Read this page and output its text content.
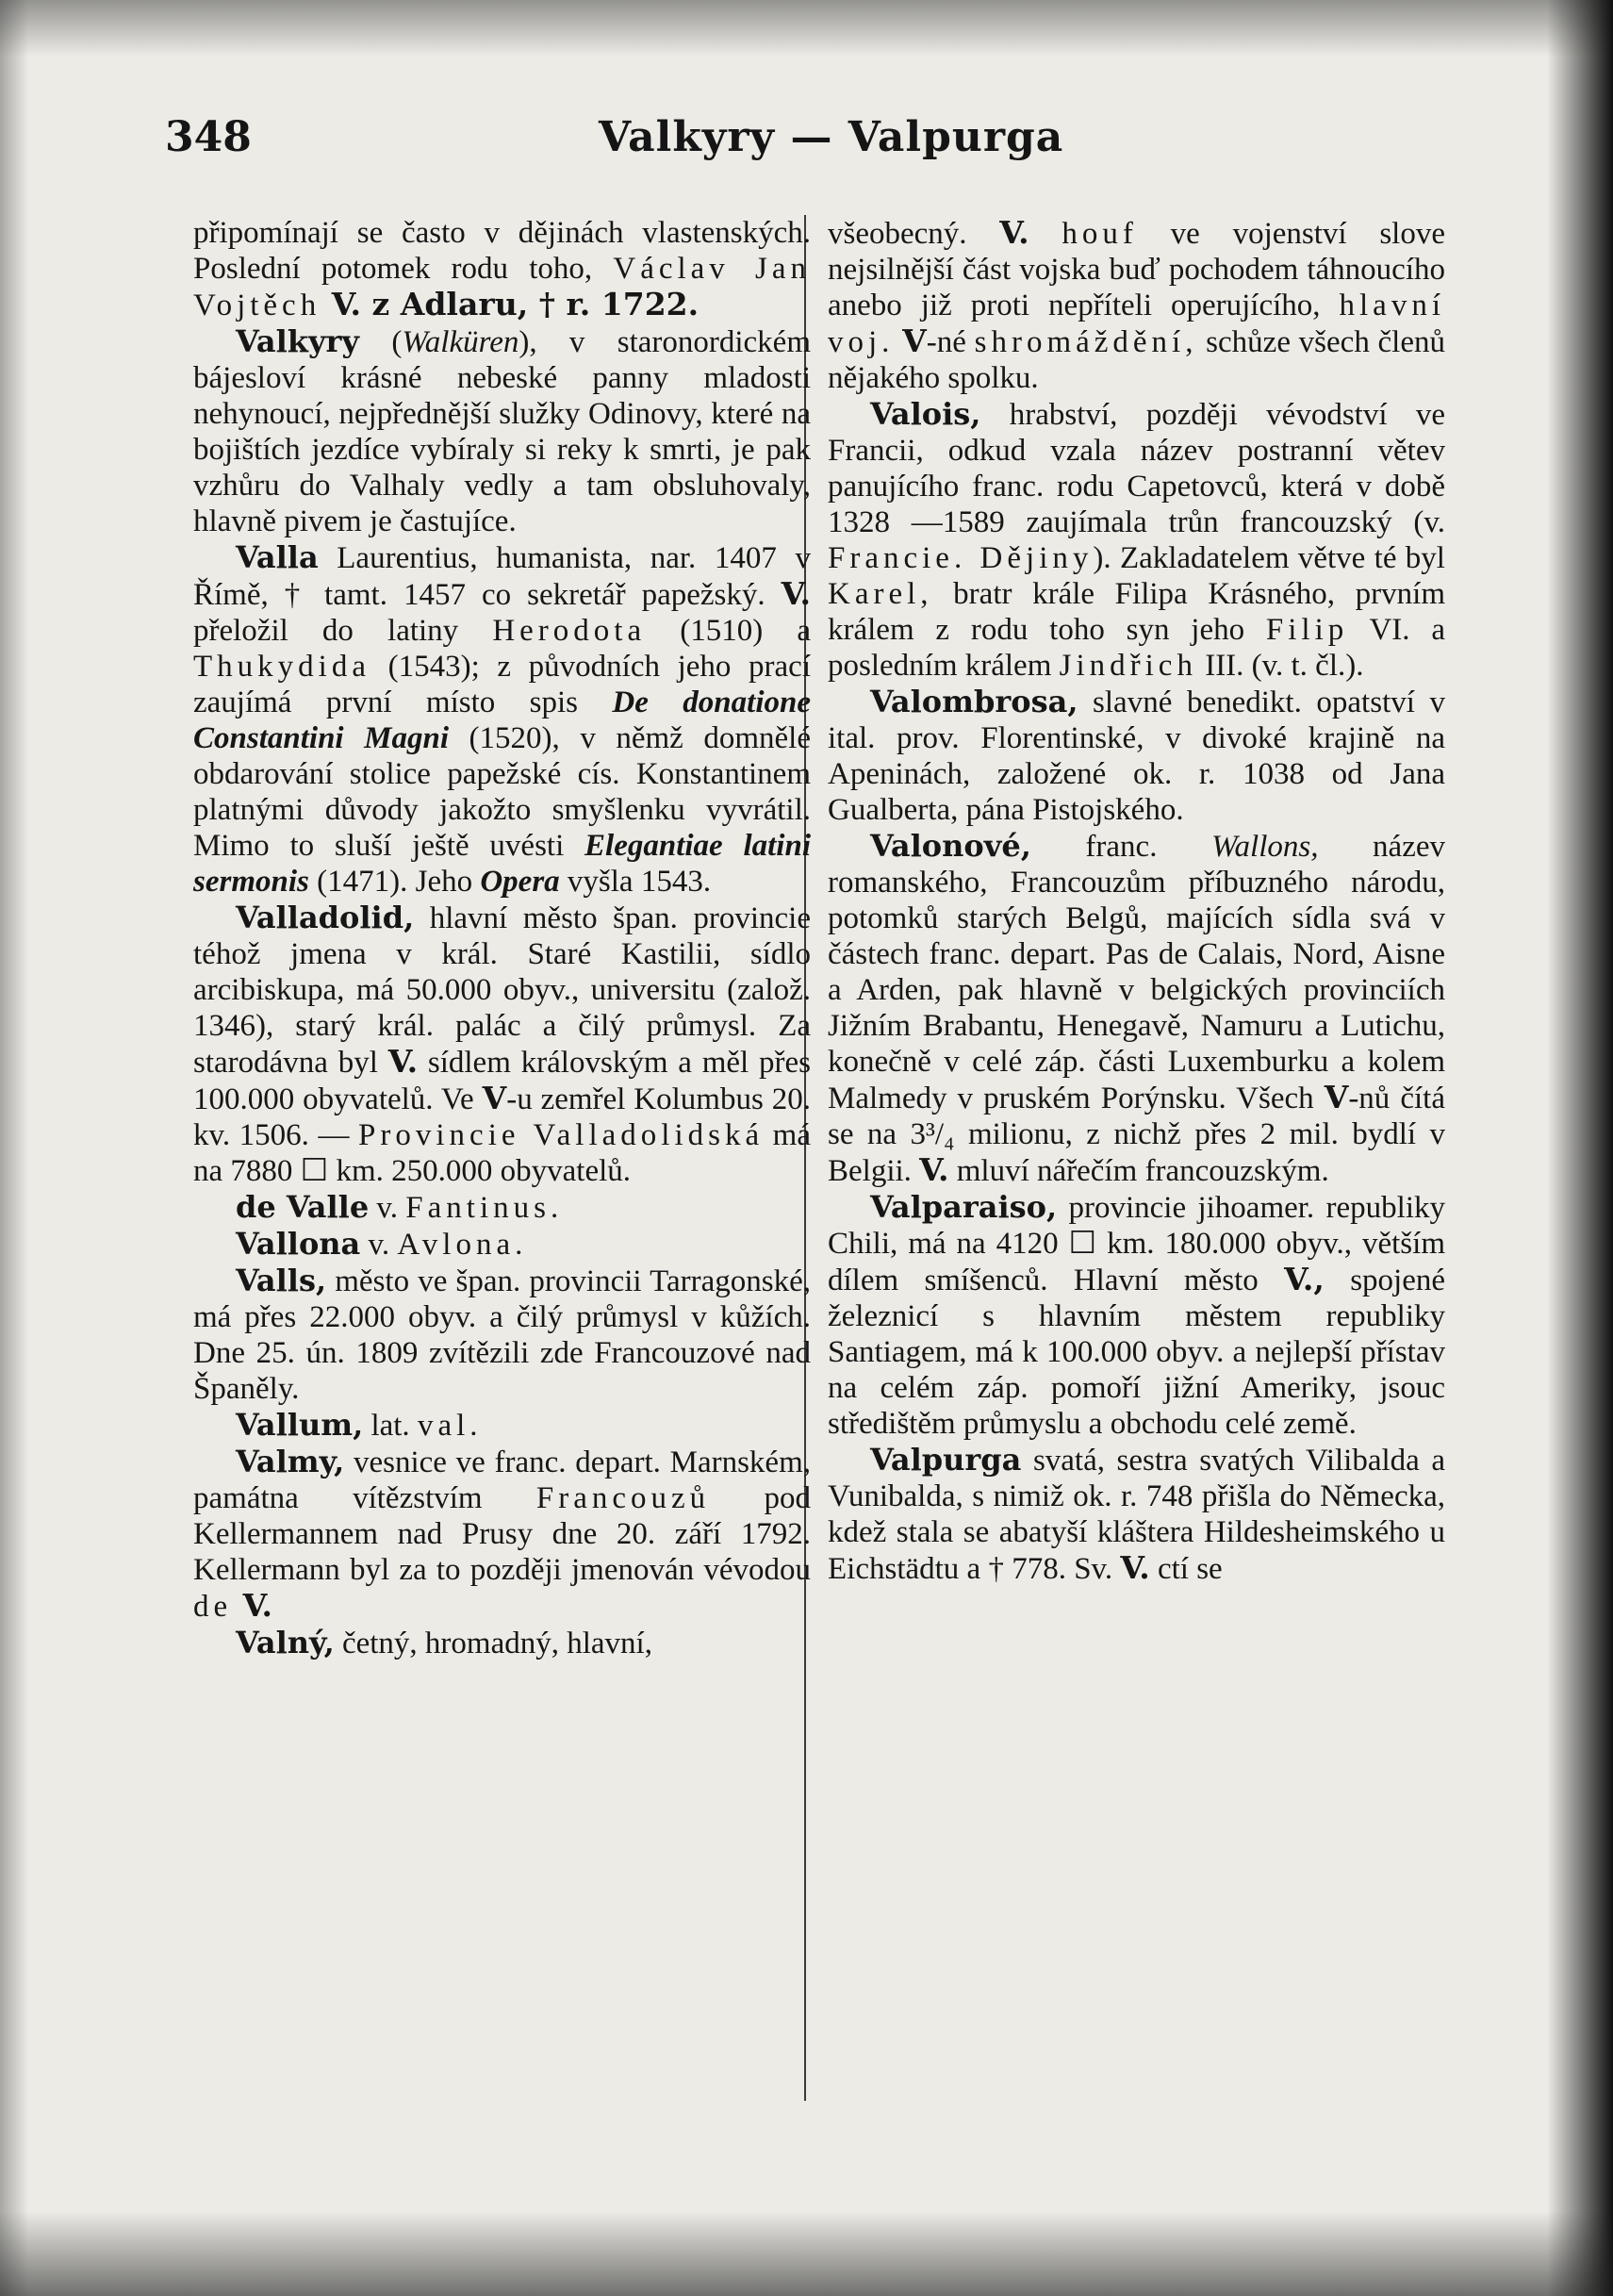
348	Valkyry — Valpurga

připomínají se často v dějinách vlastenských. Poslední potomek rodu toho, Václav Jan Vojtěch V. z Adlaru, † r. 1722.

Valkyry (Walküren), v staronordickém bájesloví krásné nebeské panny mladosti nehynoucí, nejpřednější služky Odinovy, které na bojištích jezdíce vybíraly si reky k smrti, je pak vzhůru do Valhaly vedly a tam obsluhovaly, hlavně pivem je častujíce.

Valla Laurentius, humanista, nar. 1407 v Římě, † tamt. 1457 co sekretář papežský. V. přeložil do latiny Herodota (1510) a Thukydida (1543); z původních jeho prací zaujímá první místo spis De donatione Constantini Magni (1520), v němž domnělé obdarování stolice papežské cís. Konstantinem platnými důvody jakožto smyšlenku vyvrátil. Mimo to sluší ještě uvésti Elegantiae latini sermonis (1471). Jeho Opera vyšla 1543.

Valladolid, hlavní město špan. provincie téhož jmena v král. Staré Kastilii, sídlo arcibiskupa, má 50.000 obyv., universitu (založ. 1346), starý král. palác a čilý průmysl. Za starodávna byl V. sídlem královským a měl přes 100.000 obyvatelů. Ve V-u zemřel Kolumbus 20. kv. 1506. — Provincie Valladolidská má na 7880 ☐ km. 250.000 obyvatelů.

de Valle v. Fantinus.

Vallona v. Avlona.

Valls, město ve špan. provincii Tarragonské, má přes 22.000 obyv. a čilý průmysl v kůžích. Dne 25. ún. 1809 zvítězili zde Francouzové nad Španěly.

Vallum, lat. val.

Valmy, vesnice ve franc. depart. Marnském, památna vítězstvím Francouzů pod Kellermannem nad Prusy dne 20. září 1792. Kellermann byl za to později jmenován vévodou de V.

Valný, četný, hromadný, hlavní,

všeobecný. V. houf ve vojenství slove nejsilnější část vojska buď pochodem táhnoucího anebo již proti nepříteli operujícího, hlavní voj. V-né shromáždění, schůze všech členů nějakého spolku.

Valois, hrabství, později vévodství ve Francii, odkud vzala název postranní větev panujícího franc. rodu Capetovců, která v době 1328 —1589 zaujímala trůn francouzský (v. Francie. Dějiny). Zakladatelem větve té byl Karel, bratr krále Filipa Krásného, prvním králem z rodu toho syn jeho Filip VI. a posledním králem Jindřich III. (v. t. čl.).

Valombrosa, slavné benedikt. opatství v ital. prov. Florentinské, v divoké krajině na Apeninách, založené ok. r. 1038 od Jana Gualberta, pána Pistojského.

Valonové, franc. Wallons, název romanského, Francouzům příbuzného národu, potomků starých Belgů, majících sídla svá v částech franc. depart. Pas de Calais, Nord, Aisne a Arden, pak hlavně v belgických provinciích Jižním Brabantu, Henegavě, Namuru a Lutichu, konečně v celé záp. části Luxemburku a kolem Malmedy v pruském Porýnsku. Všech V-nů čítá se na 3³/₄ milionu, z nichž přes 2 mil. bydlí v Belgii. V. mluví nářečím francouzským.

Valparaiso, provincie jihoamer. republiky Chili, má na 4120 ☐ km. 180.000 obyv., větším dílem smíšenců. Hlavní město V., spojené železnicí s hlavním městem republiky Santiagem, má k 100.000 obyv. a nejlepší přístav na celém záp. pomoří jižní Ameriky, jsouc středištěm průmyslu a obchodu celé země.

Valpurga svatá, sestra svatých Vilibalda a Vunibalda, s nimiž ok. r. 748 přišla do Německa, kdež stala se abatyší kláštera Hildesheimského u Eichstädtu a † 778. Sv. V. ctí se
